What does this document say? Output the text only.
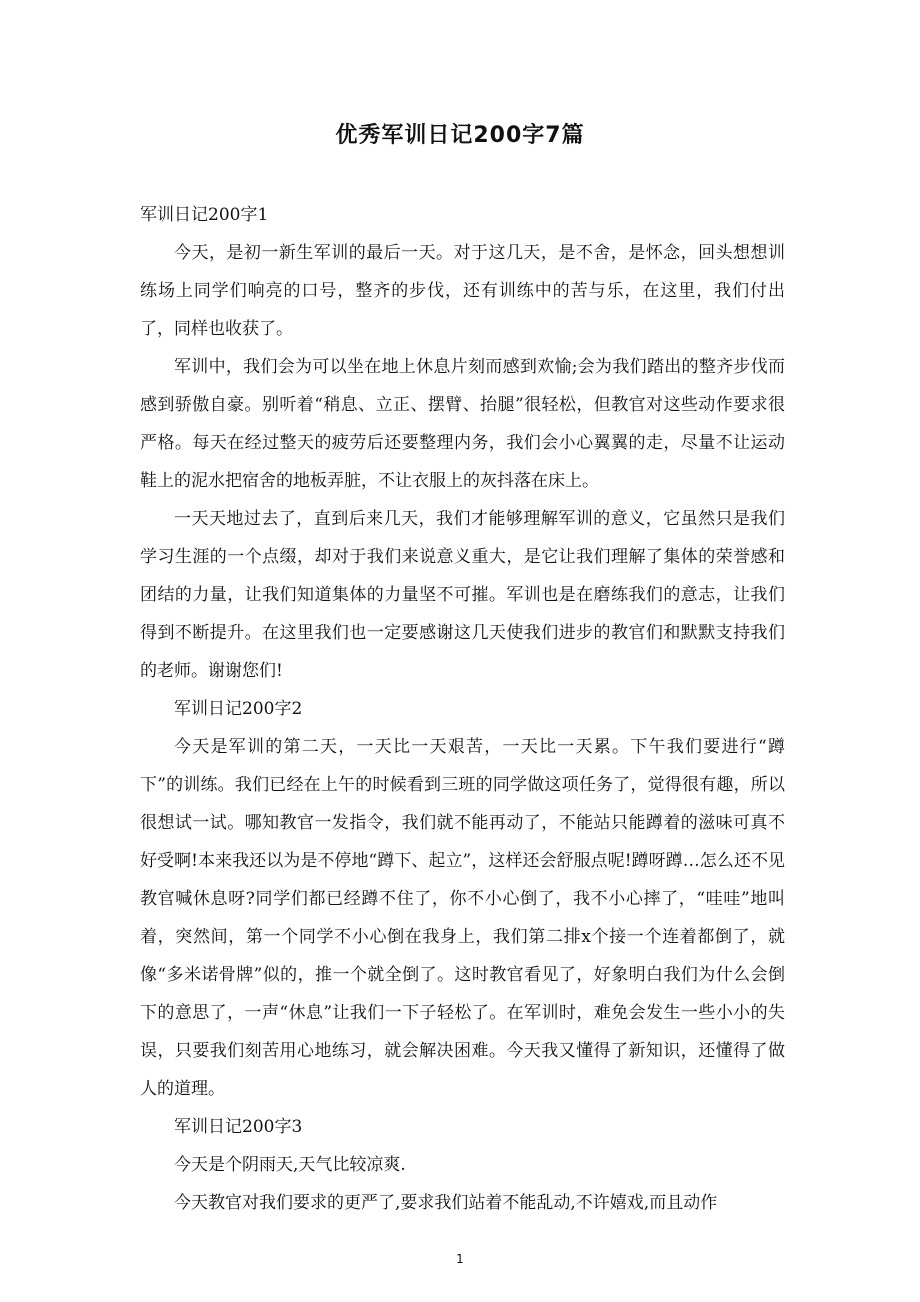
优秀军训日记200字7篇

军训日记200字1

今天，是初一新生军训的最后一天。对于这几天，是不舍，是怀念，回头想想训练场上同学们响亮的口号，整齐的步伐，还有训练中的苦与乐，在这里，我们付出了，同样也收获了。

军训中，我们会为可以坐在地上休息片刻而感到欢愉;会为我们踏出的整齐步伐而感到骄傲自豪。别听着“稍息、立正、摆臂、抬腿”很轻松，但教官对这些动作要求很严格。每天在经过整天的疲劳后还要整理内务，我们会小心翼翼的走，尽量不让运动鞋上的泥水把宿舍的地板弄脏，不让衣服上的灰抖落在床上。

一天天地过去了，直到后来几天，我们才能够理解军训的意义，它虽然只是我们学习生涯的一个点缀，却对于我们来说意义重大，是它让我们理解了集体的荣誉感和团结的力量，让我们知道集体的力量坚不可摧。军训也是在磨练我们的意志，让我们得到不断提升。在这里我们也一定要感谢这几天使我们进步的教官们和默默支持我们的老师。谢谢您们!

军训日记200字2

今天是军训的第二天，一天比一天艰苦，一天比一天累。下午我们要进行“蹲下”的训练。我们已经在上午的时候看到三班的同学做这项任务了，觉得很有趣，所以很想试一试。哪知教官一发指令，我们就不能再动了，不能站只能蹲着的滋味可真不好受啊!本来我还以为是不停地“蹲下、起立”，这样还会舒服点呢!蹲呀蹲…怎么还不见教官喊休息呀?同学们都已经蹲不住了，你不小心倒了，我不小心摔了，“哇哇”地叫着，突然间，第一个同学不小心倒在我身上，我们第二排x个接一个连着都倒了，就像“多米诺骨牌”似的，推一个就全倒了。这时教官看见了，好象明白我们为什么会倒下的意思了，一声“休息”让我们一下子轻松了。在军训时，难免会发生一些小小的失误，只要我们刻苦用心地练习，就会解决困难。今天我又懂得了新知识，还懂得了做人的道理。

军训日记200字3

今天是个阴雨天,天气比较凉爽.

今天教官对我们要求的更严了,要求我们站着不能乱动,不许嬉戏,而且动作

1
